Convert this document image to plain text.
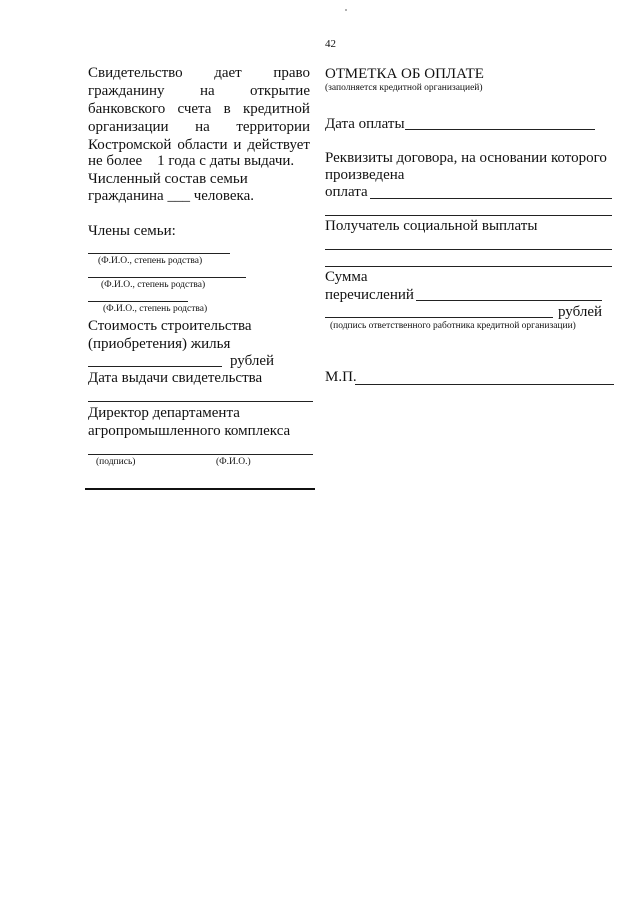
42
Свидетельство дает право
гражданину на открытие
банковского счета в кредитной
организации на территории
Костромской области и действует
не более    1 года с даты выдачи.
Численный состав семьи
гражданина ___ человека.
Члены семьи:
(Ф.И.О., степень родства)
(Ф.И.О., степень родства)
(Ф.И.О., степень родства)
Стоимость строительства
(приобретения) жилья
рублей
Дата выдачи свидетельства
Директор департамента
агропромышленного комплекса
(подпись)	(Ф.И.О.)
ОТМЕТКА ОБ ОПЛАТЕ
(заполняется кредитной организацией)
Дата оплаты
Реквизиты договора, на основании которого
произведена
оплата
Получатель социальной выплаты
Сумма
перечислений
рублей
(подпись ответственного работника кредитной организации)
М.П.
